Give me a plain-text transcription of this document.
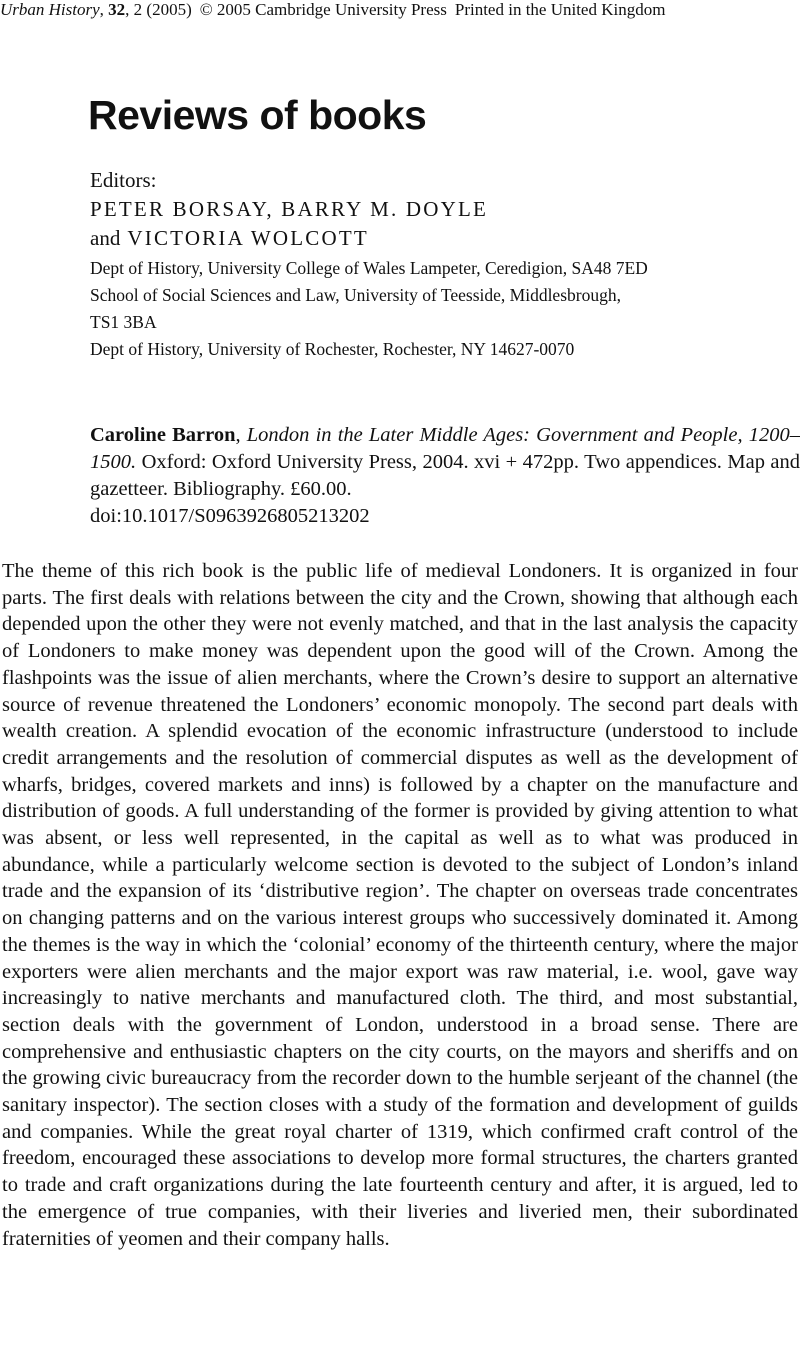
Urban History, 32, 2 (2005) © 2005 Cambridge University Press Printed in the United Kingdom
Reviews of books
Editors:
PETER BORSAY, BARRY M. DOYLE
and VICTORIA WOLCOTT
Dept of History, University College of Wales Lampeter, Ceredigion, SA48 7ED
School of Social Sciences and Law, University of Teesside, Middlesbrough,
TS1 3BA
Dept of History, University of Rochester, Rochester, NY 14627-0070
Caroline Barron, London in the Later Middle Ages: Government and People, 1200–1500. Oxford: Oxford University Press, 2004. xvi + 472pp. Two appendices. Map and gazetteer. Bibliography. £60.00.
doi:10.1017/S0963926805213202
The theme of this rich book is the public life of medieval Londoners. It is organized in four parts. The first deals with relations between the city and the Crown, showing that although each depended upon the other they were not evenly matched, and that in the last analysis the capacity of Londoners to make money was dependent upon the good will of the Crown. Among the flashpoints was the issue of alien merchants, where the Crown’s desire to support an alternative source of revenue threatened the Londoners’ economic monopoly. The second part deals with wealth creation. A splendid evocation of the economic infrastructure (understood to include credit arrangements and the resolution of commercial disputes as well as the development of wharfs, bridges, covered markets and inns) is followed by a chapter on the manufacture and distribution of goods. A full understanding of the former is provided by giving attention to what was absent, or less well represented, in the capital as well as to what was produced in abundance, while a particularly welcome section is devoted to the subject of London’s inland trade and the expansion of its ‘distributive region’. The chapter on overseas trade concentrates on changing patterns and on the various interest groups who successively dominated it. Among the themes is the way in which the ‘colonial’ economy of the thirteenth century, where the major exporters were alien merchants and the major export was raw material, i.e. wool, gave way increasingly to native merchants and manufactured cloth. The third, and most substantial, section deals with the government of London, understood in a broad sense. There are comprehensive and enthusiastic chapters on the city courts, on the mayors and sheriffs and on the growing civic bureaucracy from the recorder down to the humble serjeant of the channel (the sanitary inspector). The section closes with a study of the formation and development of guilds and companies. While the great royal charter of 1319, which confirmed craft control of the freedom, encouraged these associations to develop more formal structures, the charters granted to trade and craft organizations during the late fourteenth century and after, it is argued, led to the emergence of true companies, with their liveries and liveried men, their subordinated fraternities of yeomen and their company halls.
